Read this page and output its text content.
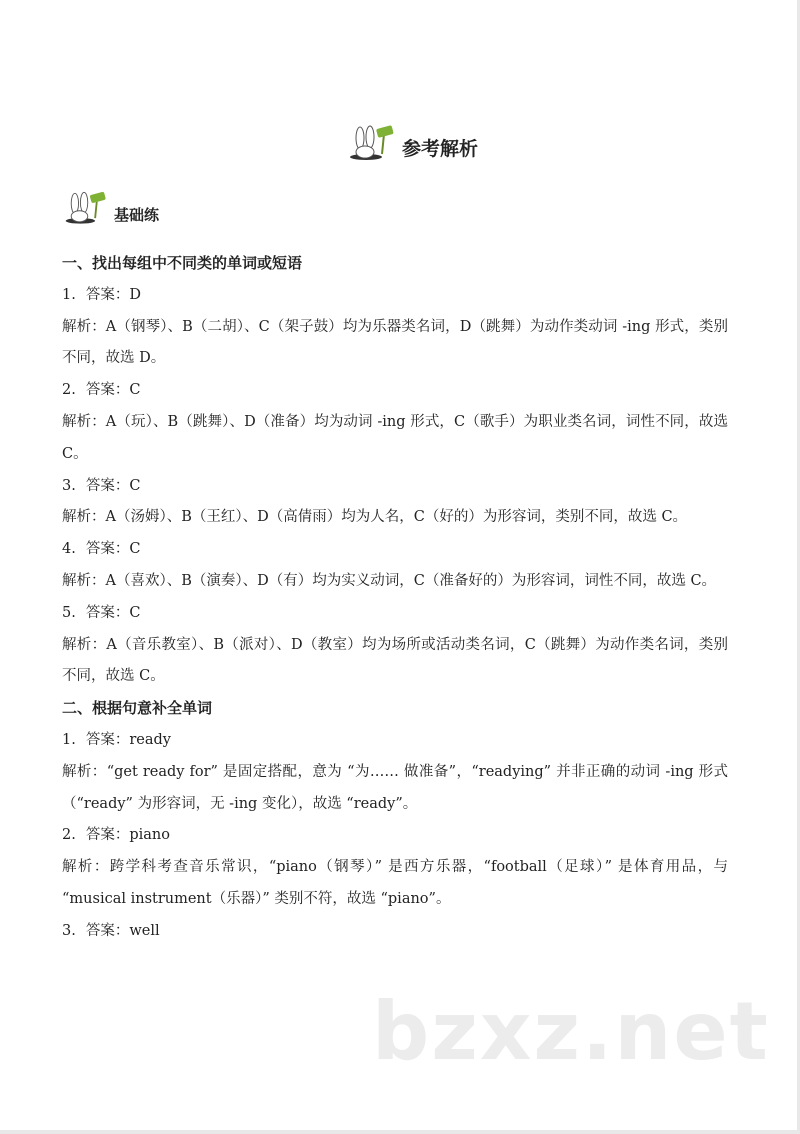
参考解析
基础练

一、找出每组中不同类的单词或短语

1. 答案：D

解析：A（钢琴）、B（二胡）、C（架子鼓）均为乐器类名词，D（跳舞）为动作类动词 -ing 形式，类别不同，故选 D。

2. 答案：C

解析：A（玩）、B（跳舞）、D（准备）均为动词 -ing 形式，C（歌手）为职业类名词，词性不同，故选 C。

3. 答案：C

解析：A（汤姆）、B（王红）、D（高倩雨）均为人名，C（好的）为形容词，类别不同，故选 C。

4. 答案：C

解析：A（喜欢）、B（演奏）、D（有）均为实义动词，C（准备好的）为形容词，词性不同，故选 C。

5. 答案：C

解析：A（音乐教室）、B（派对）、D（教室）均为场所或活动类名词，C（跳舞）为动作类名词，类别不同，故选 C。

二、根据句意补全单词

1. 答案：ready

解析：“get ready for” 是固定搭配，意为 “为…… 做准备”，“readying” 并非正确的动词 -ing 形式（“ready” 为形容词，无 -ing 变化），故选 “ready”。

2. 答案：piano

解析：跨学科考查音乐常识，“piano（钢琴）” 是西方乐器，“football（足球）” 是体育用品，与 “musical instrument（乐器）” 类别不符，故选 “piano”。

3. 答案：well

bzxz.net
